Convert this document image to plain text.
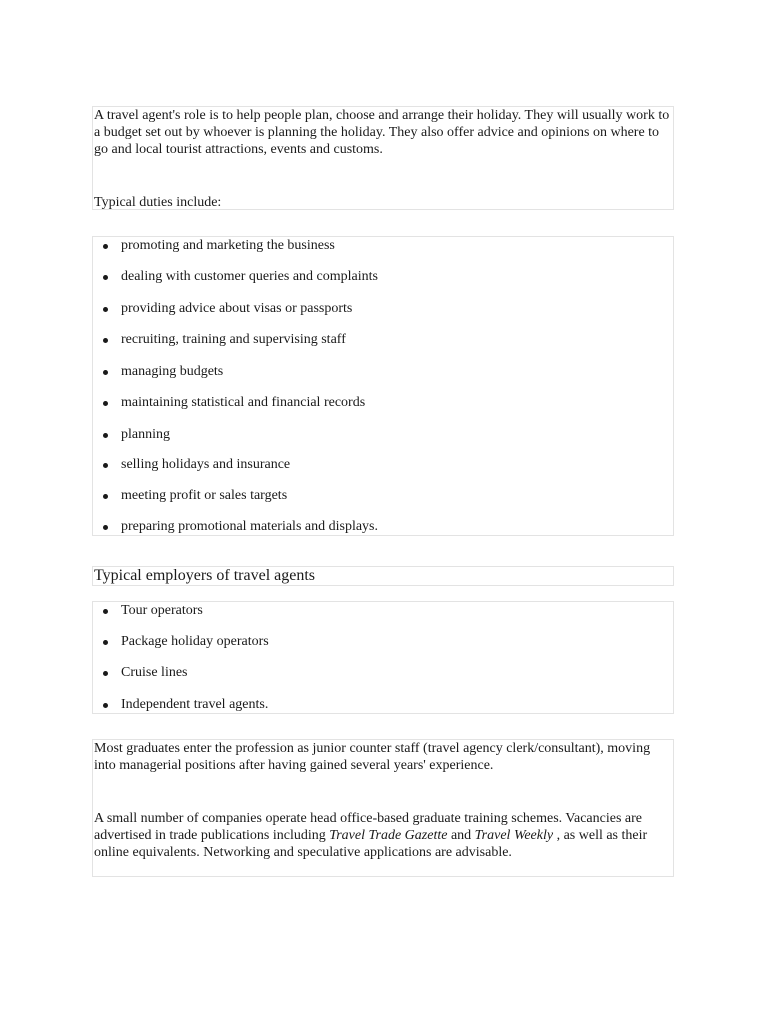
A travel agent's role is to help people plan, choose and arrange their holiday. They will usually work to a budget set out by whoever is planning the holiday. They also offer advice and opinions on where to go and local tourist attractions, events and customs.

Typical duties include:

promoting and marketing the business
dealing with customer queries and complaints
providing advice about visas or passports
recruiting, training and supervising staff
managing budgets
maintaining statistical and financial records
planning
selling holidays and insurance
meeting profit or sales targets
preparing promotional materials and displays.
Typical employers of travel agents
Tour operators
Package holiday operators
Cruise lines
Independent travel agents.

Most graduates enter the profession as junior counter staff (travel agency clerk/consultant), moving into managerial positions after having gained several years' experience.

A small number of companies operate head office-based graduate training schemes. Vacancies are advertised in trade publications including Travel Trade Gazette and Travel Weekly , as well as their online equivalents. Networking and speculative applications are advisable.
